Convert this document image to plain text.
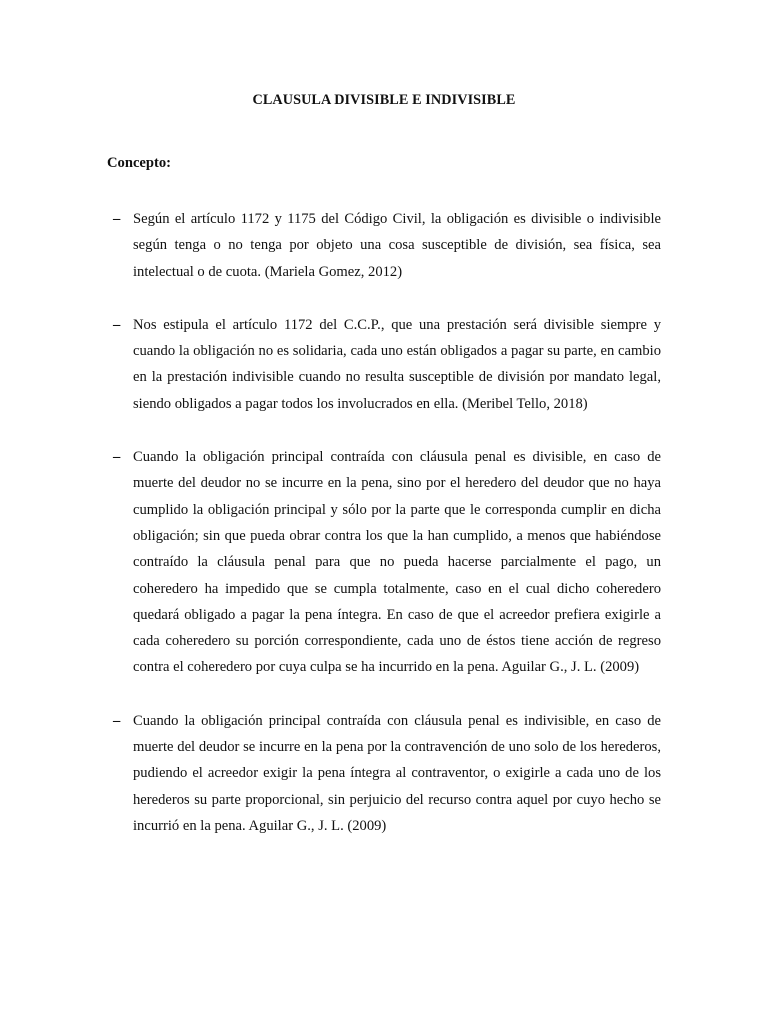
CLAUSULA DIVISIBLE E INDIVISIBLE
Concepto:
– Según el artículo 1172 y 1175 del Código Civil, la obligación es divisible o indivisible según tenga o no tenga por objeto una cosa susceptible de división, sea física, sea intelectual o de cuota. (Mariela Gomez, 2012)
– Nos estipula el artículo 1172 del C.C.P., que una prestación será divisible siempre y cuando la obligación no es solidaria, cada uno están obligados a pagar su parte, en cambio en la prestación indivisible cuando no resulta susceptible de división por mandato legal, siendo obligados a pagar todos los involucrados en ella. (Meribel Tello, 2018)
– Cuando la obligación principal contraída con cláusula penal es divisible, en caso de muerte del deudor no se incurre en la pena, sino por el heredero del deudor que no haya cumplido la obligación principal y sólo por la parte que le corresponda cumplir en dicha obligación; sin que pueda obrar contra los que la han cumplido, a menos que habiéndose contraído la cláusula penal para que no pueda hacerse parcialmente el pago, un coheredero ha impedido que se cumpla totalmente, caso en el cual dicho coheredero quedará obligado a pagar la pena íntegra. En caso de que el acreedor prefiera exigirle a cada coheredero su porción correspondiente, cada uno de éstos tiene acción de regreso contra el coheredero por cuya culpa se ha incurrido en la pena. Aguilar G., J. L. (2009)
– Cuando la obligación principal contraída con cláusula penal es indivisible, en caso de muerte del deudor se incurre en la pena por la contravención de uno solo de los herederos, pudiendo el acreedor exigir la pena íntegra al contraventor, o exigirle a cada uno de los herederos su parte proporcional, sin perjuicio del recurso contra aquel por cuyo hecho se incurrió en la pena. Aguilar G., J. L. (2009)
